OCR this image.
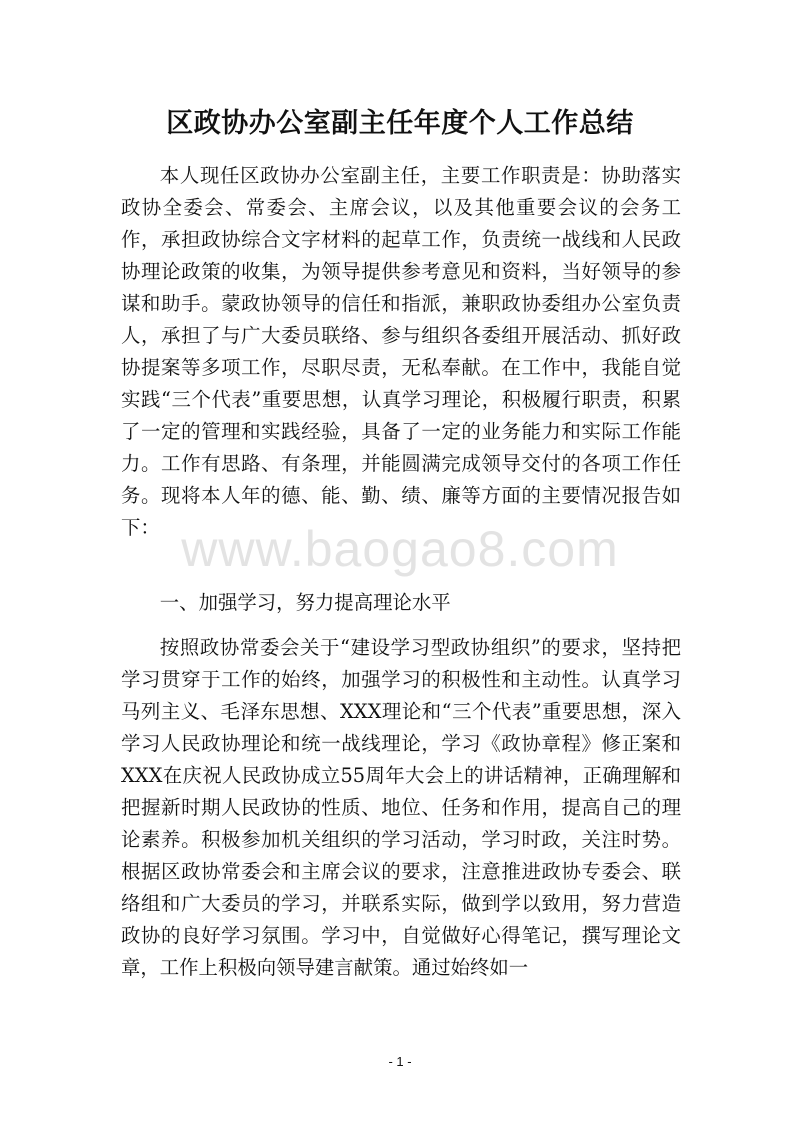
区政协办公室副主任年度个人工作总结
www.baogao8.com

本人现任区政协办公室副主任，主要工作职责是：协助落实政协全委会、常委会、主席会议，以及其他重要会议的会务工作，承担政协综合文字材料的起草工作，负责统一战线和人民政协理论政策的收集，为领导提供参考意见和资料，当好领导的参谋和助手。蒙政协领导的信任和指派，兼职政协委组办公室负责人，承担了与广大委员联络、参与组织各委组开展活动、抓好政协提案等多项工作，尽职尽责，无私奉献。在工作中，我能自觉实践“三个代表”重要思想，认真学习理论，积极履行职责，积累了一定的管理和实践经验，具备了一定的业务能力和实际工作能力。工作有思路、有条理，并能圆满完成领导交付的各项工作任务。现将本人年的德、能、勤、绩、廉等方面的主要情况报告如下：

一、加强学习，努力提高理论水平

按照政协常委会关于“建设学习型政协组织”的要求，坚持把学习贯穿于工作的始终，加强学习的积极性和主动性。认真学习马列主义、毛泽东思想、XXX理论和“三个代表”重要思想，深入学习人民政协理论和统一战线理论，学习《政协章程》修正案和XXX在庆祝人民政协成立55周年大会上的讲话精神，正确理解和把握新时期人民政协的性质、地位、任务和作用，提高自己的理论素养。积极参加机关组织的学习活动，学习时政，关注时势。根据区政协常委会和主席会议的要求，注意推进政协专委会、联络组和广大委员的学习，并联系实际，做到学以致用，努力营造政协的良好学习氛围。学习中，自觉做好心得笔记，撰写理论文章，工作上积极向领导建言献策。通过始终如一

- 1 -
